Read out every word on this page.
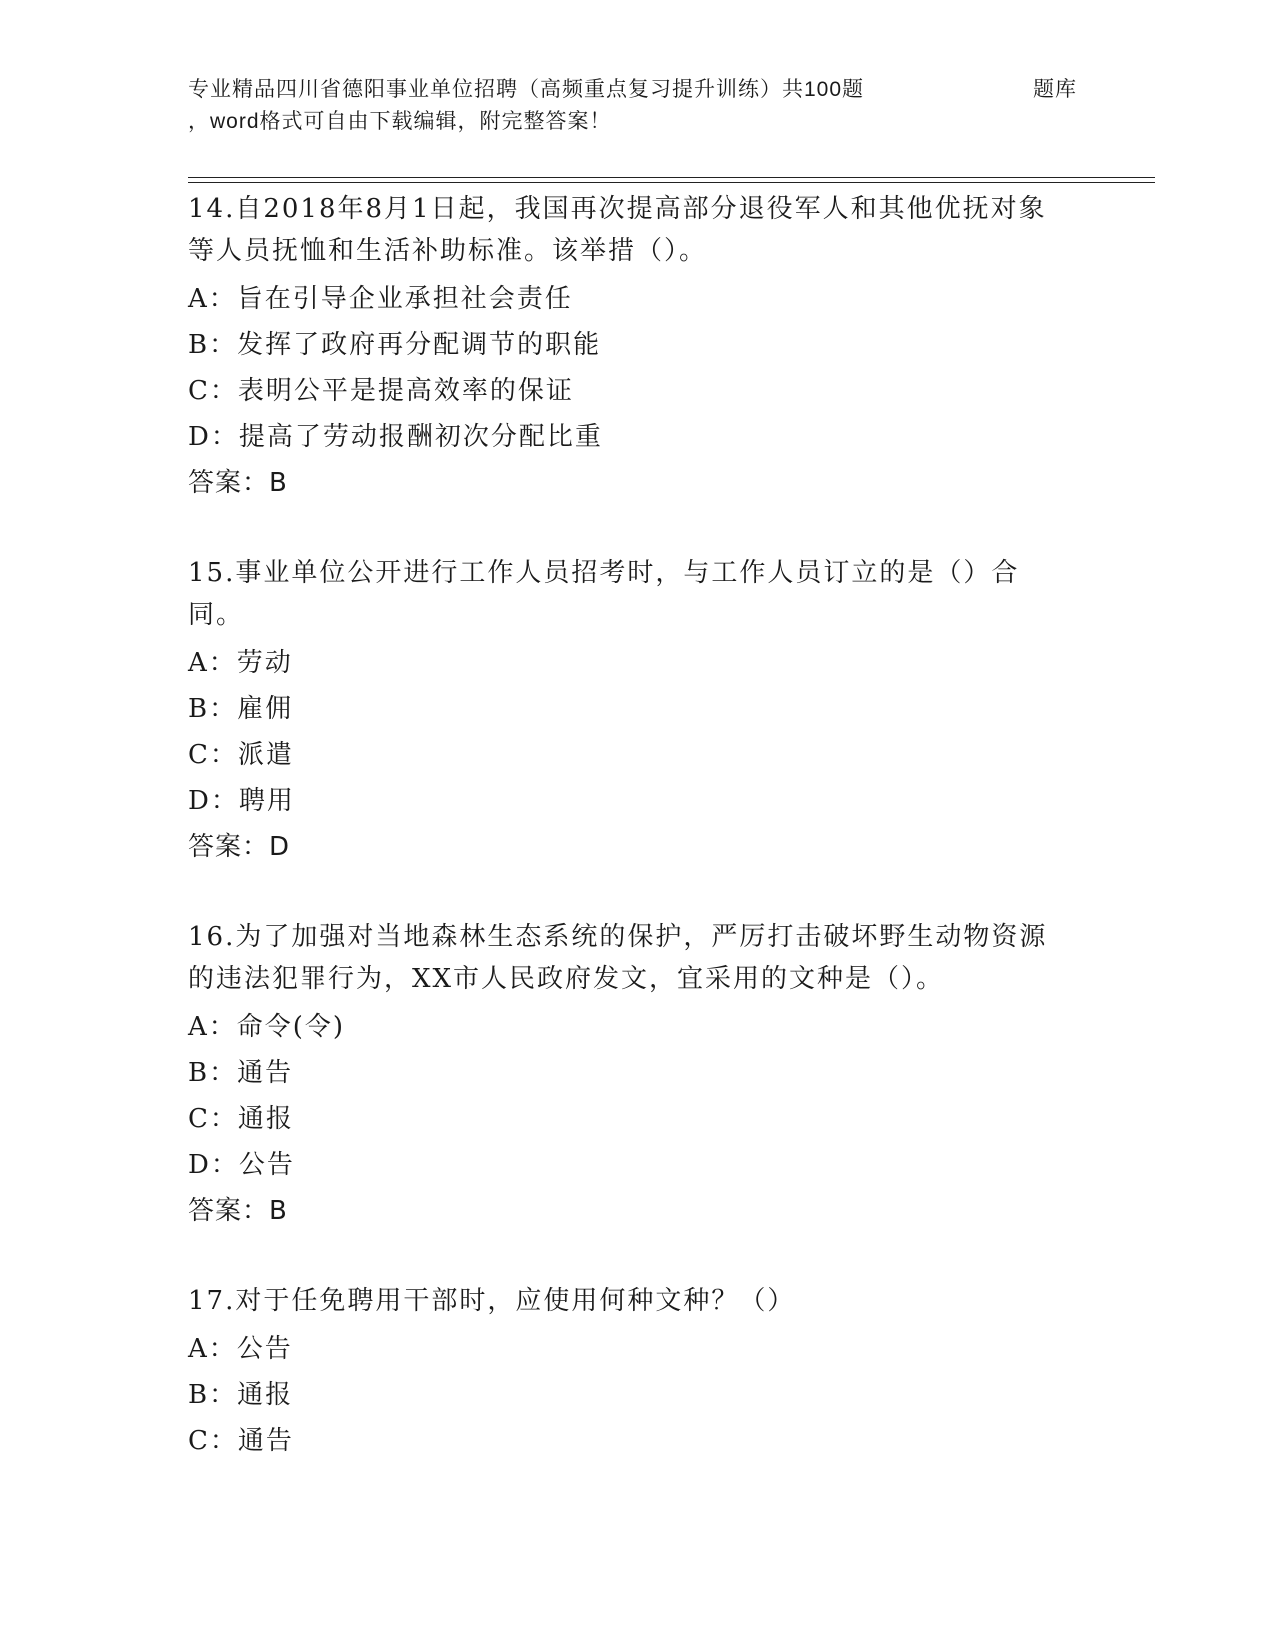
专业精品四川省德阳事业单位招聘（高频重点复习提升训练）共100题	题库
，word格式可自由下载编辑，附完整答案！
14.自2018年8月1日起，我国再次提高部分退役军人和其他优抚对象等人员抚恤和生活补助标准。该举措（）。
A：旨在引导企业承担社会责任
B：发挥了政府再分配调节的职能
C：表明公平是提高效率的保证
D：提高了劳动报酬初次分配比重
答案：B
15.事业单位公开进行工作人员招考时，与工作人员订立的是（）合同。
A：劳动
B：雇佣
C：派遣
D：聘用
答案：D
16.为了加强对当地森林生态系统的保护，严厉打击破坏野生动物资源的违法犯罪行为，XX市人民政府发文，宜采用的文种是（）。
A：命令(令)
B：通告
C：通报
D：公告
答案：B
17.对于任免聘用干部时，应使用何种文种？（）
A：公告
B：通报
C：通告
